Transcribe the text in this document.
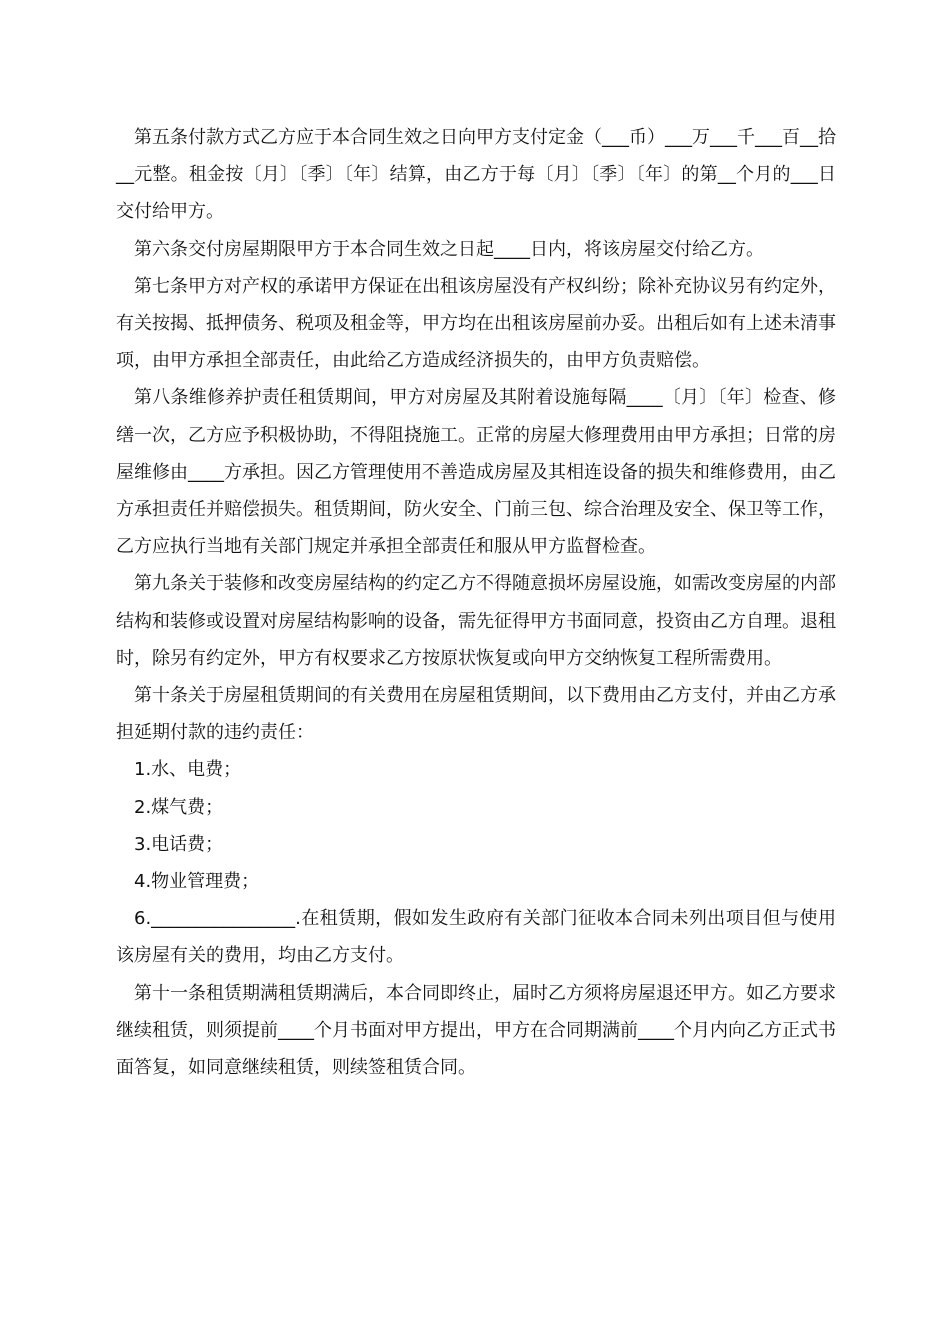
第五条付款方式乙方应于本合同生效之日向甲方支付定金（___币）___万___千___百__拾__元整。租金按〔月〕〔季〕〔年〕结算，由乙方于每〔月〕〔季〕〔年〕的第__个月的___日交付给甲方。

第六条交付房屋期限甲方于本合同生效之日起____日内，将该房屋交付给乙方。

第七条甲方对产权的承诺甲方保证在出租该房屋没有产权纠纷；除补充协议另有约定外，有关按揭、抵押债务、税项及租金等，甲方均在出租该房屋前办妥。出租后如有上述未清事项，由甲方承担全部责任，由此给乙方造成经济损失的，由甲方负责赔偿。

第八条维修养护责任租赁期间，甲方对房屋及其附着设施每隔____〔月〕〔年〕检查、修缮一次，乙方应予积极协助，不得阻挠施工。正常的房屋大修理费用由甲方承担；日常的房屋维修由____方承担。因乙方管理使用不善造成房屋及其相连设备的损失和维修费用，由乙方承担责任并赔偿损失。租赁期间，防火安全、门前三包、综合治理及安全、保卫等工作，乙方应执行当地有关部门规定并承担全部责任和服从甲方监督检查。

第九条关于装修和改变房屋结构的约定乙方不得随意损坏房屋设施，如需改变房屋的内部结构和装修或设置对房屋结构影响的设备，需先征得甲方书面同意，投资由乙方自理。退租时，除另有约定外，甲方有权要求乙方按原状恢复或向甲方交纳恢复工程所需费用。

第十条关于房屋租赁期间的有关费用在房屋租赁期间，以下费用由乙方支付，并由乙方承担延期付款的违约责任：

1.水、电费；

2.煤气费；

3.电话费；

4.物业管理费；

6.________________.在租赁期，假如发生政府有关部门征收本合同未列出项目但与使用该房屋有关的费用，均由乙方支付。

第十一条租赁期满租赁期满后，本合同即终止，届时乙方须将房屋退还甲方。如乙方要求继续租赁，则须提前____个月书面对甲方提出，甲方在合同期满前____个月内向乙方正式书面答复，如同意继续租赁，则续签租赁合同。
